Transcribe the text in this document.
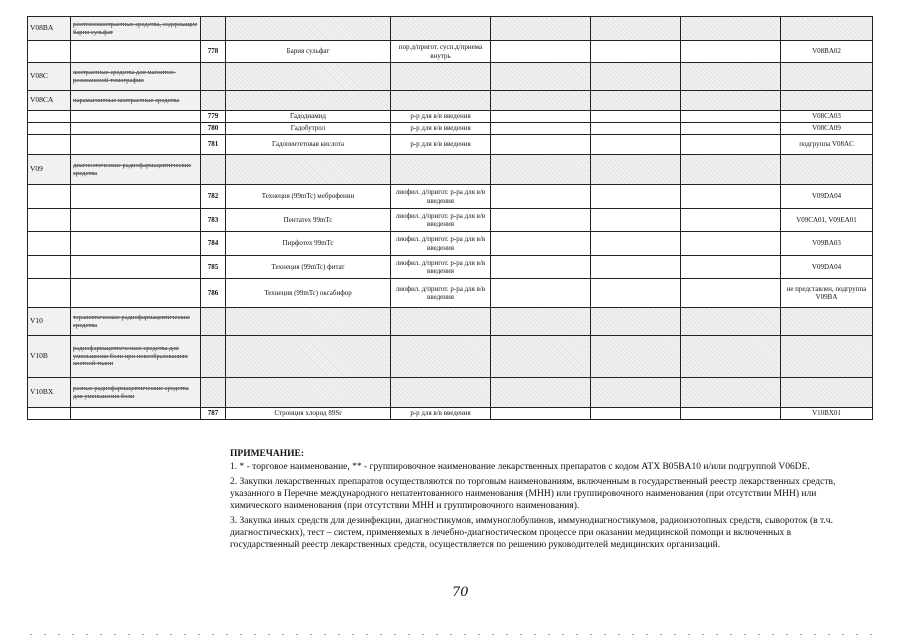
V08BA	рентгеноконтрастные средства, содержащие бария сульфат							
		778	Бария сульфат	пор.д/пригот. сусп.д/приема внутрь				V08BA02
V08C	контрастные средства для магнитно-резонансной томографии							
V08CA	парамагнитные контрастные средства							
		779	Гадодиамид	р-р для в/в введения				V08CA03
		780	Гадобутрол	р-р для в/в введения				V08CA09
		781	Гадопентетовая кислота	р-р для в/в введения				подгруппа V08AC
V09	диагностические радиофармацевтические средства							
		782	Технеция (99mTc) меброфенин	лиофил. д/пригот. р-ра для в/в введения				V09DA04
		783	Пентатех 99mTc	лиофил. д/пригот. р-ра для в/в введения				V09CA01, V09EA01
		784	Пирфотех 99mTc	лиофил. д/пригот. р-ра для в/в введения				V09BA03
		785	Технеция (99mTc) фитат	лиофил. д/пригот. р-ра для в/в введения				V09DA04
		786	Технеция (99mTc) оксабифор	лиофил. д/пригот. р-ра для в/в введения				не представлен, подгруппа V09BA
V10	терапевтические радиофармацевтические средства							
V10B	радиофармацевтические средства для уменьшения боли при новообразованиях костной ткани							
V10BX	разные радиофармацевтические средства для уменьшения боли							
		787	Стронция хлорид 89Sr	р-р для в/в введения				V10BX01
ПРИМЕЧАНИЕ:

1. * - торговое наименование, ** - группировочное наименование лекарственных препаратов с кодом АТХ B05BA10 и/или подгруппой V06DE.

2. Закупки лекарственных препаратов осуществляются по торговым наименованиям, включенным в государственный реестр лекарственных средств, указанного в Перечне международного непатентованного наименования (МНН) или группировочного наименования (при отсутствии МНН) или химического наименования (при отсутствии МНН и группировочного наименования).

3. Закупка иных средств для дезинфекции, диагностикумов, иммуноглобулинов, иммунодиагностикумов, радиоизотопных средств, сывороток (в т.ч. диагностических), тест – систем, применяемых в лечебно-диагностическом процессе при оказании медицинской помощи и включенных в государственный реестр лекарственных средств, осуществляется по решению руководителей медицинских организаций.

70
